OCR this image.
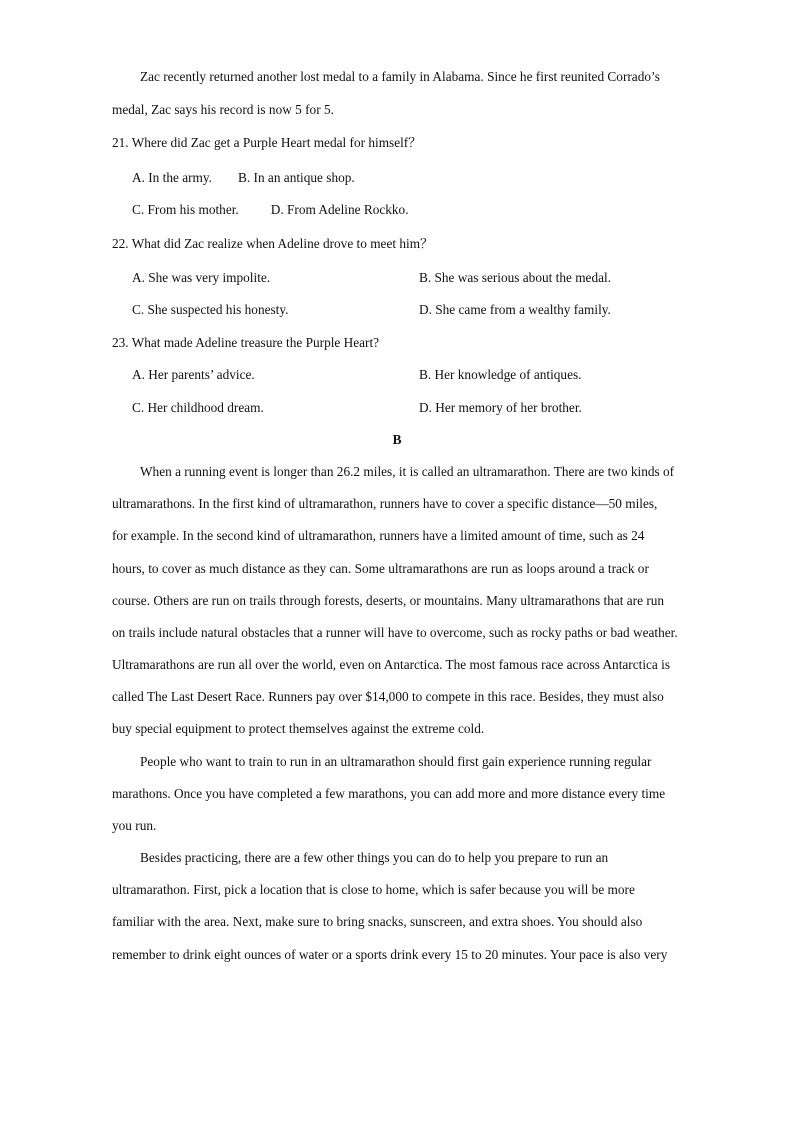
Zac recently returned another lost medal to a family in Alabama. Since he first reunited Corrado’s
medal, Zac says his record is now 5 for 5.
21. Where did Zac get a Purple Heart medal for himself？
A. In the army. B. In an antique shop.
C. From his mother. D. From Adeline Rockko.
22. What did Zac realize when Adeline drove to meet him？
A. She was very impolite.	B. She was serious about the medal.
C. She suspected his honesty.	D. She came from a wealthy family.
23. What made Adeline treasure the Purple Heart?
A. Her parents’ advice.	B. Her knowledge of antiques.
C. Her childhood dream.	D. Her memory of her brother.
B
When a running event is longer than 26.2 miles, it is called an ultramarathon. There are two kinds of
ultramarathons. In the first kind of ultramarathon, runners have to cover a specific distance—50 miles,
for example. In the second kind of ultramarathon, runners have a limited amount of time, such as 24
hours, to cover as much distance as they can. Some ultramarathons are run as loops around a track or
course. Others are run on trails through forests, deserts, or mountains. Many ultramarathons that are run
on trails include natural obstacles that a runner will have to overcome, such as rocky paths or bad weather.
Ultramarathons are run all over the world, even on Antarctica. The most famous race across Antarctica is
called The Last Desert Race. Runners pay over $14,000 to compete in this race. Besides, they must also
buy special equipment to protect themselves against the extreme cold.
People who want to train to run in an ultramarathon should first gain experience running regular
marathons. Once you have completed a few marathons, you can add more and more distance every time
you run.
Besides practicing, there are a few other things you can do to help you prepare to run an
ultramarathon. First, pick a location that is close to home, which is safer because you will be more
familiar with the area. Next, make sure to bring snacks, sunscreen, and extra shoes. You should also
remember to drink eight ounces of water or a sports drink every 15 to 20 minutes. Your pace is also very
